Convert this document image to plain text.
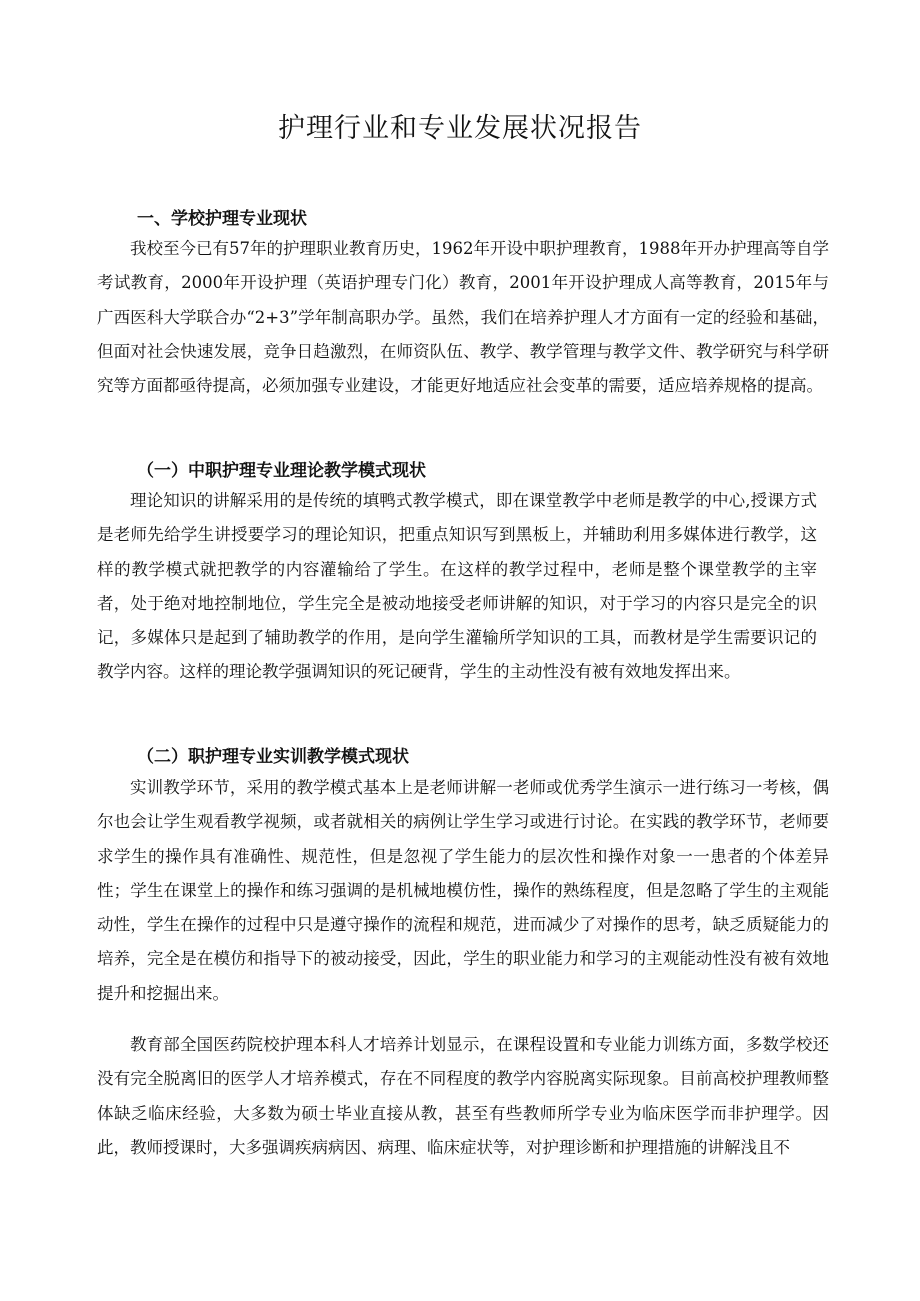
护理行业和专业发展状况报告
一、学校护理专业现状

我校至今已有57年的护理职业教育历史，1962年开设中职护理教育，1988年开办护理高等自学考试教育，2000年开设护理（英语护理专门化）教育，2001年开设护理成人高等教育，2015年与广西医科大学联合办“2+3”学年制高职办学。虽然，我们在培养护理人才方面有一定的经验和基础，但面对社会快速发展，竞争日趋激烈，在师资队伍、教学、教学管理与教学文件、教学研究与科学研究等方面都亟待提高，必须加强专业建设，才能更好地适应社会变革的需要，适应培养规格的提高。

（一）中职护理专业理论教学模式现状

理论知识的讲解采用的是传统的填鸭式教学模式，即在课堂教学中老师是教学的中心,授课方式是老师先给学生讲授要学习的理论知识，把重点知识写到黑板上，并辅助利用多媒体进行教学，这样的教学模式就把教学的内容灌输给了学生。在这样的教学过程中，老师是整个课堂教学的主宰者，处于绝对地控制地位，学生完全是被动地接受老师讲解的知识，对于学习的内容只是完全的识记，多媒体只是起到了辅助教学的作用，是向学生灌输所学知识的工具，而教材是学生需要识记的教学内容。这样的理论教学强调知识的死记硬背，学生的主动性没有被有效地发挥出来。

（二）职护理专业实训教学模式现状

实训教学环节，采用的教学模式基本上是老师讲解一老师或优秀学生演示一进行练习一考核，偶尔也会让学生观看教学视频，或者就相关的病例让学生学习或进行讨论。在实践的教学环节，老师要求学生的操作具有准确性、规范性，但是忽视了学生能力的层次性和操作对象一一患者的个体差异性；学生在课堂上的操作和练习强调的是机械地模仿性，操作的熟练程度，但是忽略了学生的主观能动性，学生在操作的过程中只是遵守操作的流程和规范，进而减少了对操作的思考，缺乏质疑能力的培养，完全是在模仿和指导下的被动接受，因此，学生的职业能力和学习的主观能动性没有被有效地提升和挖掘出来。

教育部全国医药院校护理本科人才培养计划显示，在课程设置和专业能力训练方面，多数学校还没有完全脱离旧的医学人才培养模式，存在不同程度的教学内容脱离实际现象。目前高校护理教师整体缺乏临床经验，大多数为硕士毕业直接从教，甚至有些教师所学专业为临床医学而非护理学。因此，教师授课时，大多强调疾病病因、病理、临床症状等，对护理诊断和护理措施的讲解浅且不
